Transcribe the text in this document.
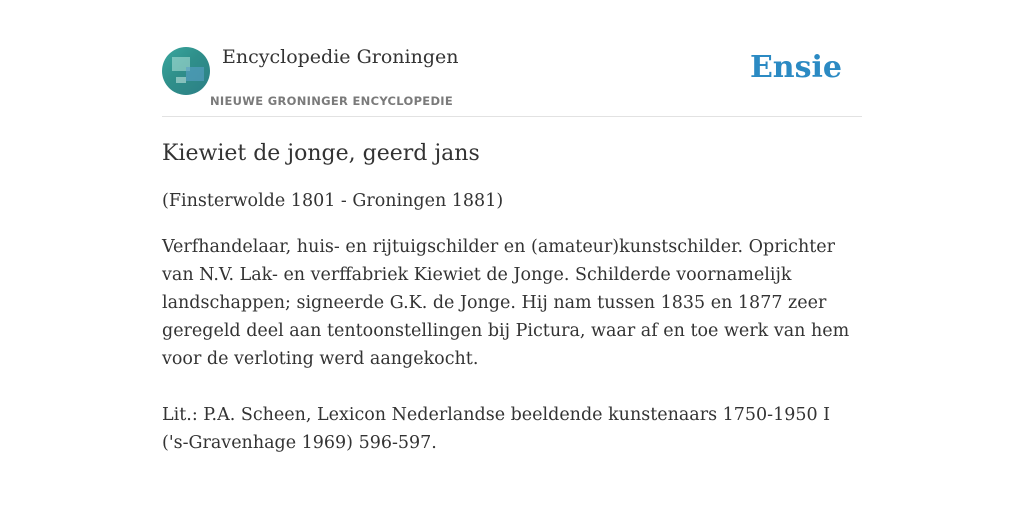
Encyclopedie Groningen
NIEUWE GRONINGER ENCYCLOPEDIE
Ensie
Kiewiet de jonge, geerd jans

(Finsterwolde 1801 - Groningen 1881)

Verfhandelaar, huis- en rijtuigschilder en (amateur)kunstschilder. Oprichter van N.V. Lak- en verffabriek Kiewiet de Jonge. Schilderde voornamelijk landschappen; signeerde G.K. de Jonge. Hij nam tussen 1835 en 1877 zeer geregeld deel aan tentoonstellingen bij Pictura, waar af en toe werk van hem voor de verloting werd aangekocht.

Lit.: P.A. Scheen, Lexicon Nederlandse beeldende kunstenaars 1750-1950 I ('s-Gravenhage 1969) 596-597.
